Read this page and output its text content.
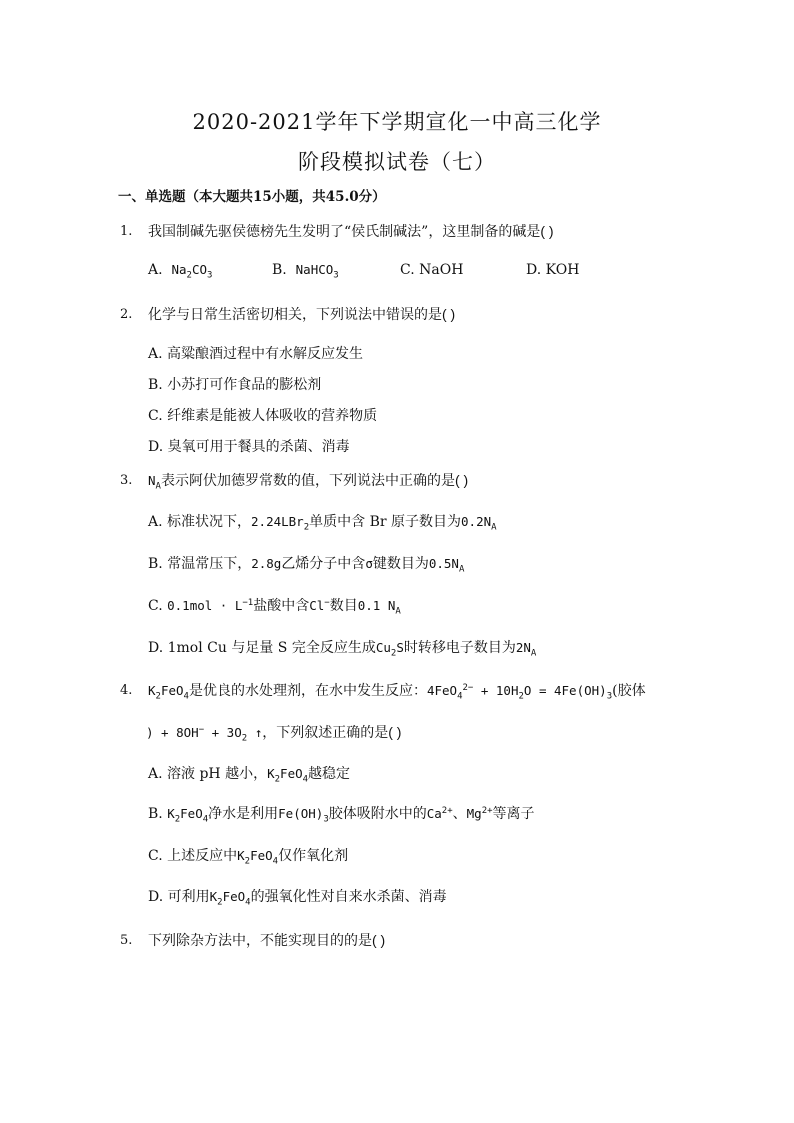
2020-2021学年下学期宣化一中高三化学
阶段模拟试卷（七）
一、单选题（本大题共15小题，共45.0分）
1. 我国制碱先驱侯德榜先生发明了“侯氏制碱法”，这里制备的碱是( )
A. $Na_2CO_3$	B. NaHCO$_3$	C. NaOH	D. KOH
2. 化学与日常生活密切相关，下列说法中错误的是( )
A. 高粱酿酒过程中有水解反应发生
B. 小苏打可作食品的膨松剂
C. 纤维素是能被人体吸收的营养物质
D. 臭氧可用于餐具的杀菌、消毒
3. $N_A$表示阿伏加德罗常数的值，下列说法中正确的是( )
A. 标准状况下，2.24LBr$_2$单质中含 Br 原子数目为$0.2N_A$
B. 常温常压下，2.8g乙烯分子中含σ键数目为$0.5N_A$
C. $0.1mol \cdot L^{-1}$盐酸中含Cl−数目0.1 $N_A$
D. 1mol Cu 与足量 S 完全反应生成$Cu_2S$时转移电子数目为$2N_A$
4. $K_2FeO_4$是优良的水处理剂，在水中发生反应：$4FeO_4^{2-} + 10H_2O = 4Fe(OH)_3$(胶体
) + $8OH^- + 3O_2$ ↑，下列叙述正确的是( )
A. 溶液 pH 越小，$K_2FeO_4$越稳定
B. $K_2FeO_4$净水是利用$Fe(OH)_3$胶体吸附水中的$Ca^{2+}$、$Mg^{2+}$等离子
C. 上述反应中$K_2FeO_4$仅作氧化剂
D. 可利用$K_2FeO_4$的强氧化性对自来水杀菌、消毒
5. 下列除杂方法中，不能实现目的的是( )
